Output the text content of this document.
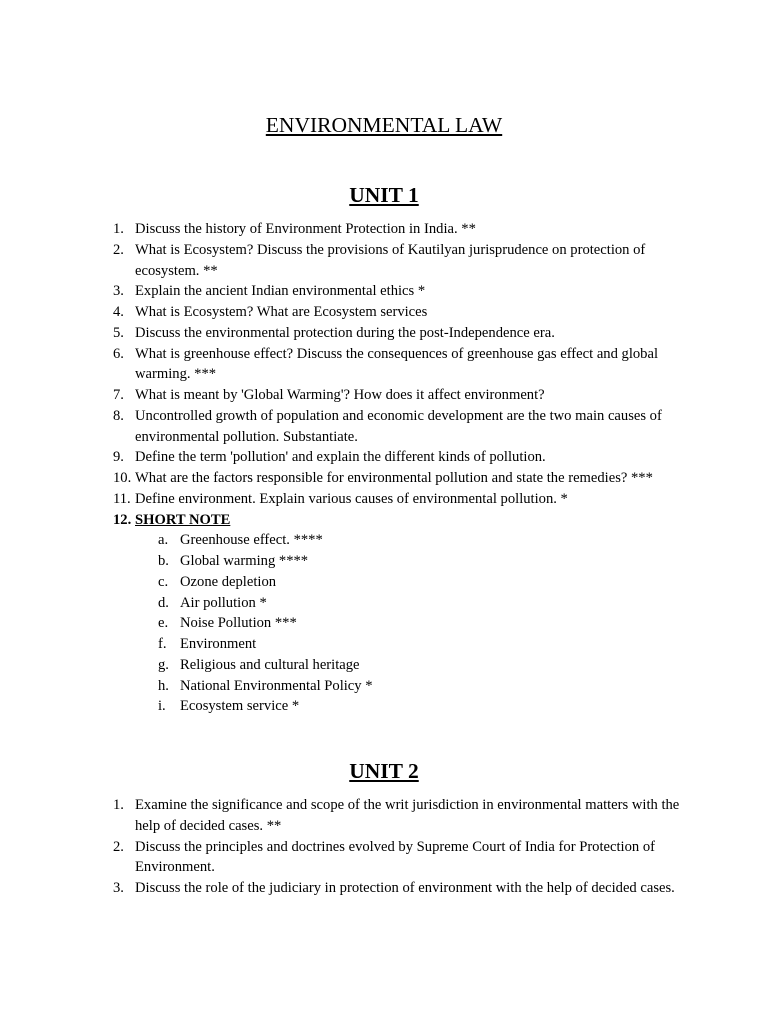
ENVIRONMENTAL LAW
UNIT 1
1. Discuss the history of Environment Protection in India. **
2. What is Ecosystem? Discuss the provisions of Kautilyan jurisprudence on protection of ecosystem. **
3. Explain the ancient Indian environmental ethics *
4. What is Ecosystem? What are Ecosystem services
5. Discuss the environmental protection during the post-Independence era.
6. What is greenhouse effect? Discuss the consequences of greenhouse gas effect and global warming. ***
7. What is meant by 'Global Warming'? How does it affect environment?
8. Uncontrolled growth of population and economic development are the two main causes of environmental pollution. Substantiate.
9. Define the term 'pollution' and explain the different kinds of pollution.
10. What are the factors responsible for environmental pollution and state the remedies? ***
11. Define environment. Explain various causes of environmental pollution. *
12. SHORT NOTE
a. Greenhouse effect. ****
b. Global warming ****
c. Ozone depletion
d. Air pollution *
e. Noise Pollution ***
f. Environment
g. Religious and cultural heritage
h. National Environmental Policy *
i. Ecosystem service *
UNIT 2
1. Examine the significance and scope of the writ jurisdiction in environmental matters with the help of decided cases. **
2. Discuss the principles and doctrines evolved by Supreme Court of India for Protection of Environment.
3. Discuss the role of the judiciary in protection of environment with the help of decided cases.
